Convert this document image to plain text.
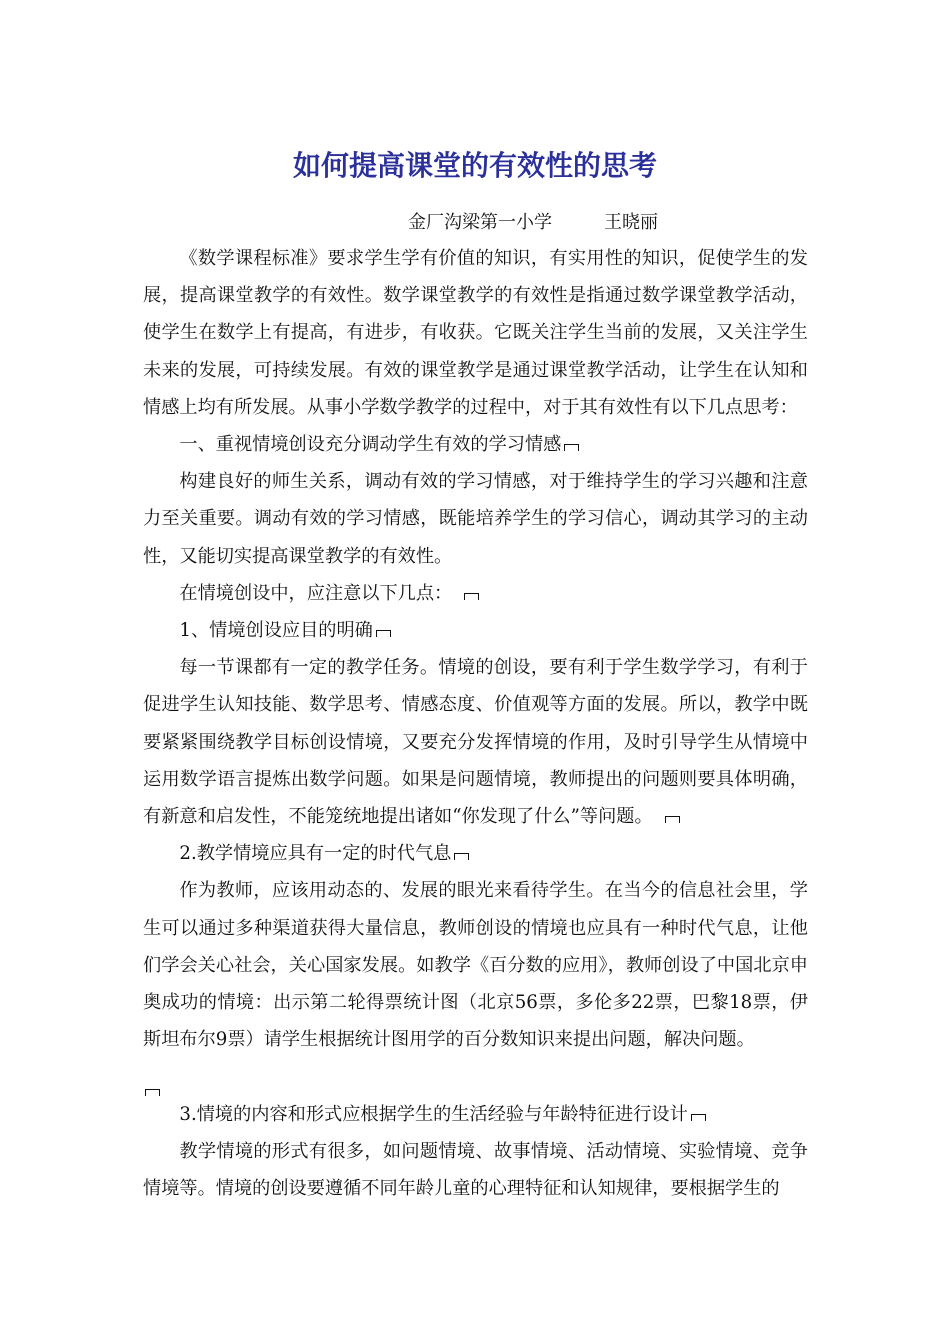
如何提高课堂的有效性的思考
金厂沟梁第一小学	王晓丽

《数学课程标准》要求学生学有价值的知识，有实用性的知识，促使学生的发展，提高课堂教学的有效性。数学课堂教学的有效性是指通过数学课堂教学活动，使学生在数学上有提高，有进步，有收获。它既关注学生当前的发展，又关注学生未来的发展，可持续发展。有效的课堂教学是通过课堂教学活动，让学生在认知和情感上均有所发展。从事小学数学教学的过程中，对于其有效性有以下几点思考：

一、重视情境创设充分调动学生有效的学习情感

构建良好的师生关系，调动有效的学习情感，对于维持学生的学习兴趣和注意力至关重要。调动有效的学习情感，既能培养学生的学习信心，调动其学习的主动性，又能切实提高课堂教学的有效性。

在情境创设中，应注意以下几点：

1、情境创设应目的明确

每一节课都有一定的教学任务。情境的创设，要有利于学生数学学习，有利于促进学生认知技能、数学思考、情感态度、价值观等方面的发展。所以，教学中既要紧紧围绕教学目标创设情境，又要充分发挥情境的作用，及时引导学生从情境中运用数学语言提炼出数学问题。如果是问题情境，教师提出的问题则要具体明确，有新意和启发性，不能笼统地提出诸如“你发现了什么”等问题。

2.教学情境应具有一定的时代气息

作为教师，应该用动态的、发展的眼光来看待学生。在当今的信息社会里，学生可以通过多种渠道获得大量信息，教师创设的情境也应具有一种时代气息，让他们学会关心社会，关心国家发展。如教学《百分数的应用》，教师创设了中国北京申奥成功的情境：出示第二轮得票统计图（北京56票，多伦多22票，巴黎18票，伊斯坦布尔9票）请学生根据统计图用学的百分数知识来提出问题，解决问题。

3.情境的内容和形式应根据学生的生活经验与年龄特征进行设计

教学情境的形式有很多，如问题情境、故事情境、活动情境、实验情境、竞争情境等。情境的创设要遵循不同年龄儿童的心理特征和认知规律，要根据学生的
